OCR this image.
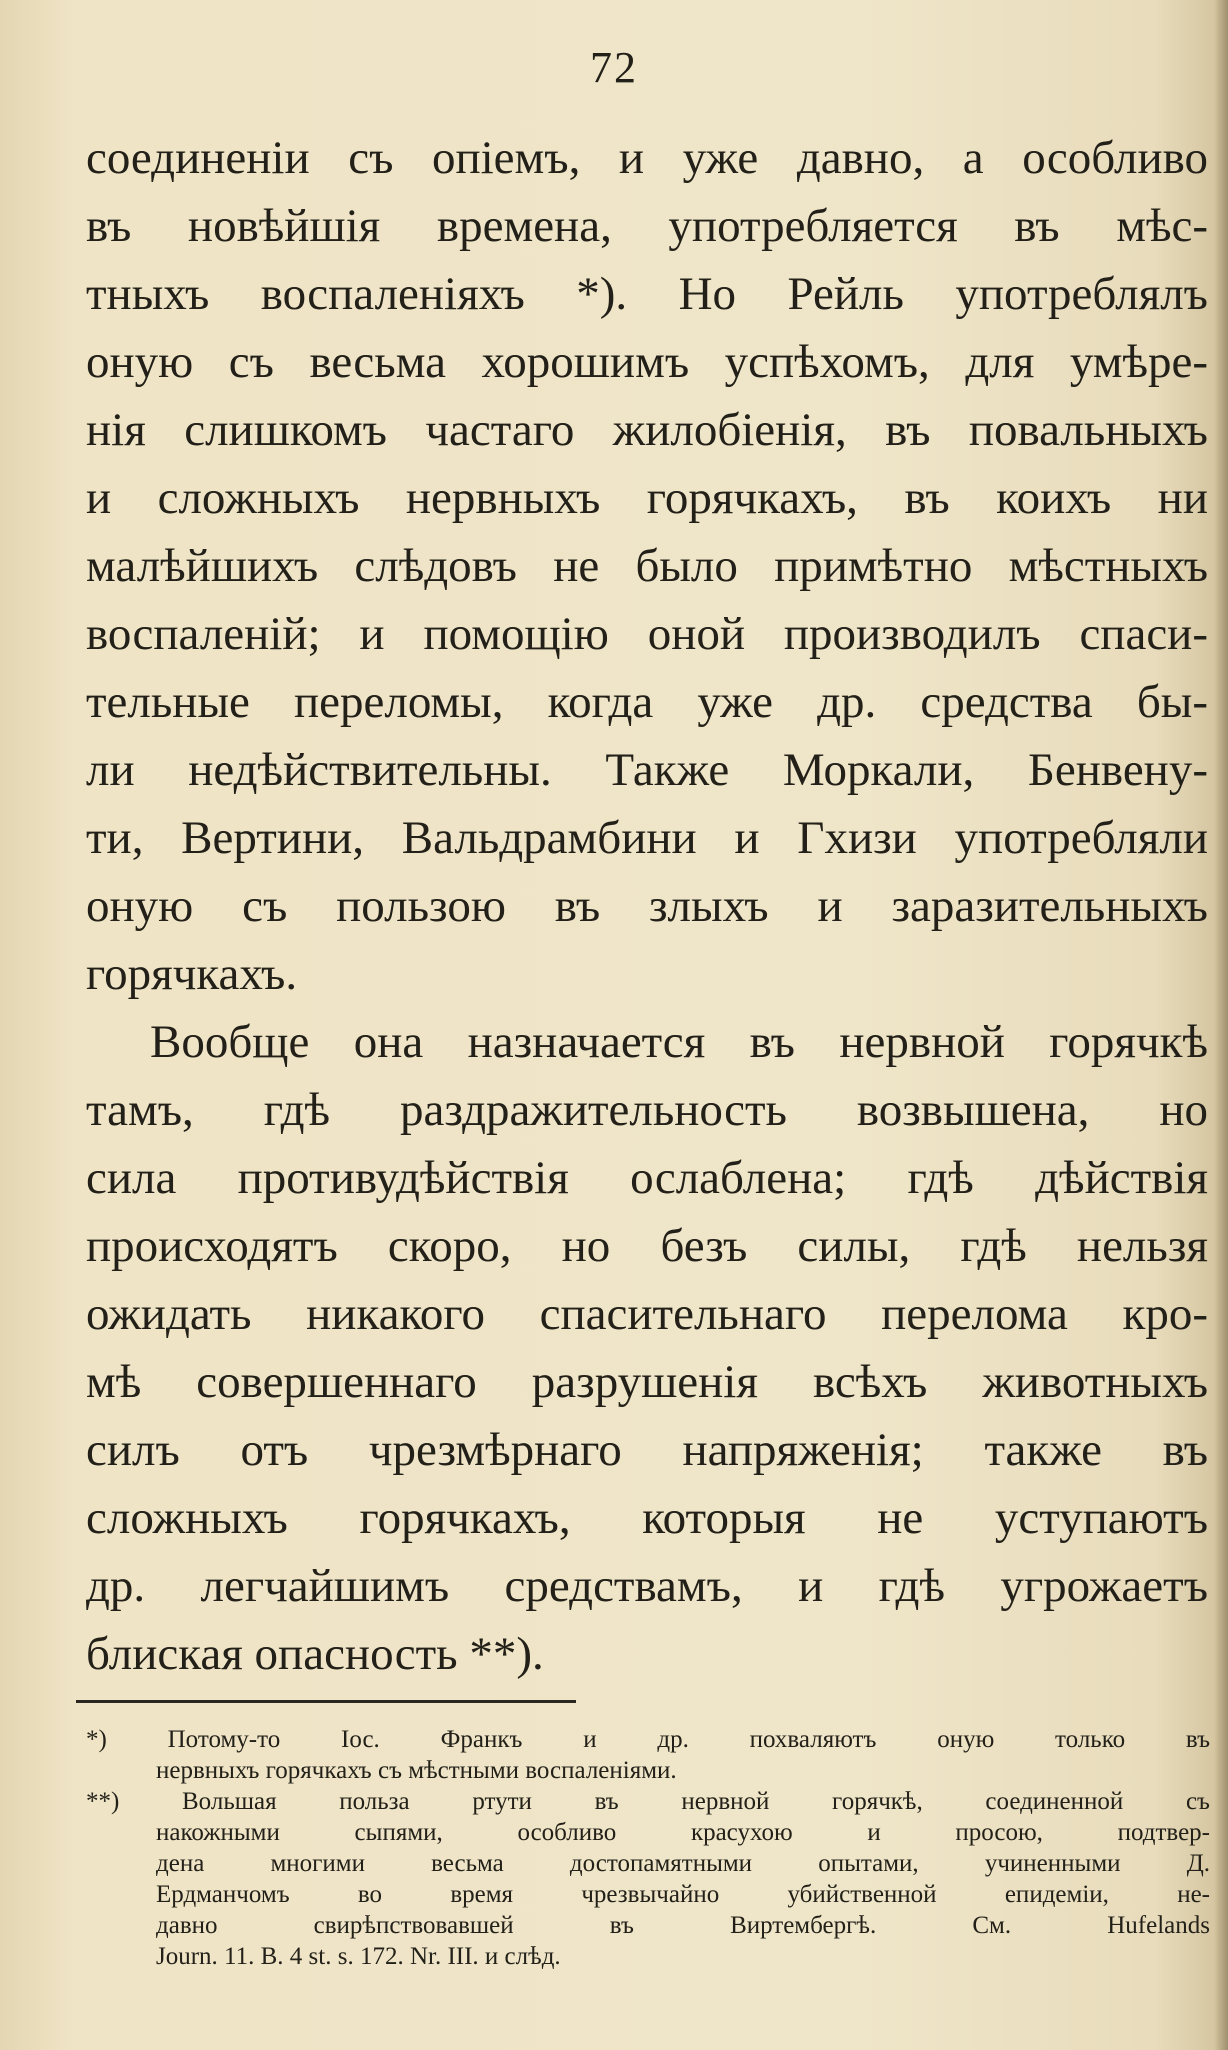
72
соединеніи съ опіемъ, и уже давно, а особливо
въ новѣйшія времена, употребляется въ мѣс-
тныхъ воспаленіяхъ *). Но Рейль употреблялъ
оную съ весьма хорошимъ успѣхомъ, для умѣре-
нія слишкомъ частаго жилобіенія, въ повальныхъ
и сложныхъ нервныхъ горячкахъ, въ коихъ ни
малѣйшихъ слѣдовъ не было примѣтно мѣстныхъ
воспаленій; и помощію оной производилъ спаси-
тельные переломы, когда уже др. средства бы-
ли недѣйствительны. Также Моркали, Бенвену-
ти, Вертини, Вальдрамбини и Гхизи употребляли
оную съ пользою въ злыхъ и заразительныхъ
горячкахъ.
Вообще она назначается въ нервной горячкѣ
тамъ, гдѣ раздражительность возвышена, но
сила противудѣйствія ослаблена; гдѣ дѣйствія
происходятъ скоро, но безъ силы, гдѣ нельзя
ожидать никакого спасительнаго перелома кро-
мѣ совершеннаго разрушенія всѣхъ животныхъ
силъ отъ чрезмѣрнаго напряженія; также въ
сложныхъ горячкахъ, которыя не уступаютъ
др. легчайшимъ средствамъ, и гдѣ угрожаетъ
блиская опасность **).
*) Потому-то Іос. Франкъ и др. похваляютъ оную только въ
нервныхъ горячкахъ съ мѣстными воспаленіями.
**) Вольшая польза ртути въ нервной горячкѣ, соединенной съ
накожными сыпями, особливо красухою и просою, подтвер-
дена многими весьма достопамятными опытами, учиненными Д.
Ердманчомъ во время чрезвычайно убийственной епидеміи, не-
давно свирѣпствовавшей въ Виртембергѣ. См. Hufelands
Journ. 11. B. 4 st. s. 172. Nr. III. и слѣд.
